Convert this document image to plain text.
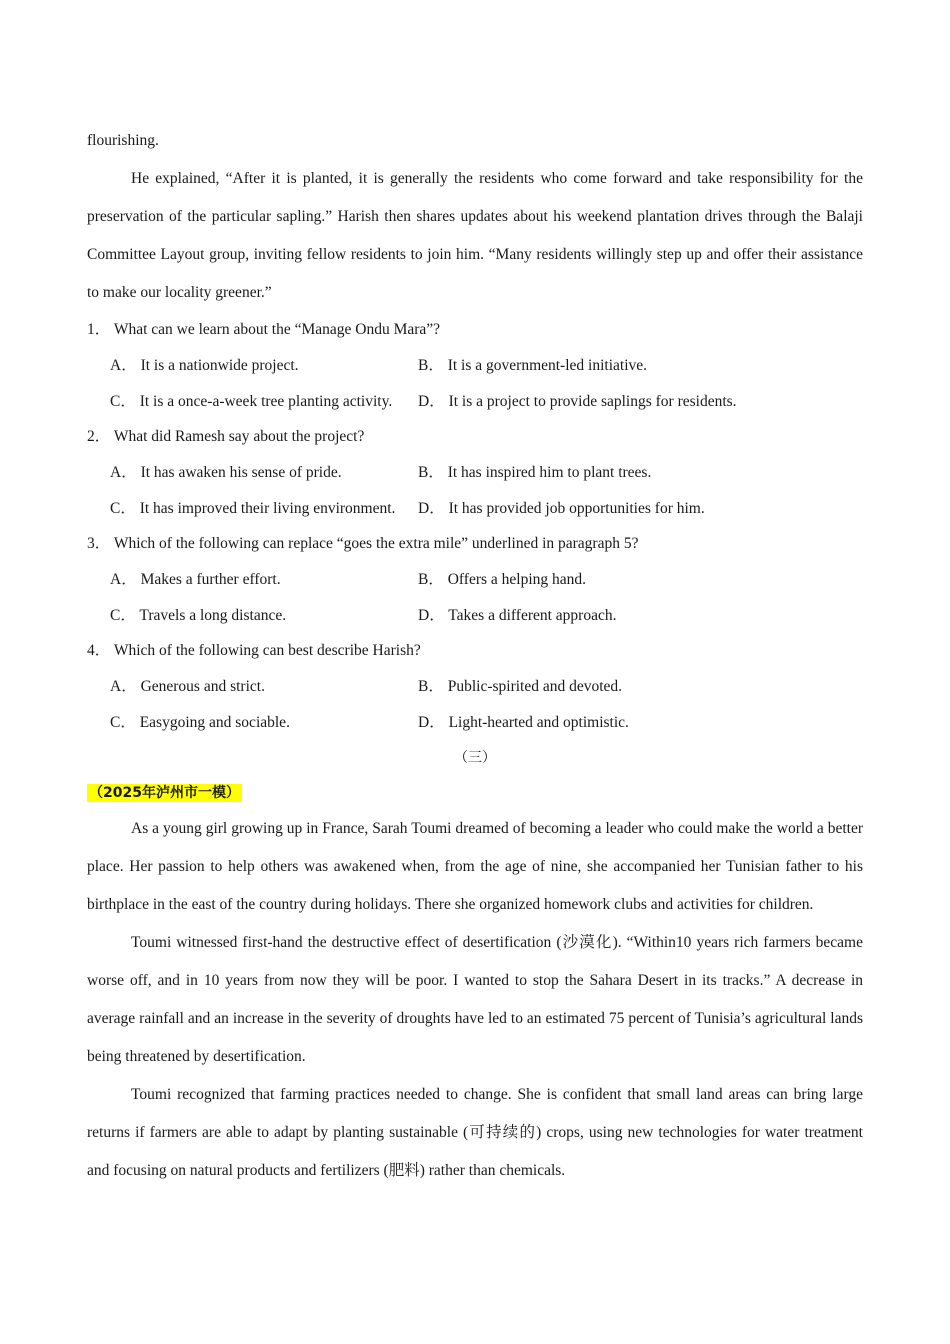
flourishing.

He explained, “After it is planted, it is generally the residents who come forward and take responsibility for the preservation of the particular sapling.” Harish then shares updates about his weekend plantation drives through the Balaji Committee Layout group, inviting fellow residents to join him. “Many residents willingly step up and offer their assistance to make our locality greener.”

1． What can we learn about the “Manage Ondu Mara”?

A． It is a nationwide project.	B． It is a government-led initiative.
C． It is a once-a-week tree planting activity.	D． It is a project to provide saplings for residents.

2． What did Ramesh say about the project?

A． It has awaken his sense of pride.	B． It has inspired him to plant trees.
C． It has improved their living environment.	D． It has provided job opportunities for him.

3． Which of the following can replace “goes the extra mile” underlined in paragraph 5?

A． Makes a further effort.	B． Offers a helping hand.
C． Travels a long distance.	D． Takes a different approach.

4． Which of the following can best describe Harish?

A． Generous and strict.	B． Public-spirited and devoted.
C． Easygoing and sociable.	D． Light-hearted and optimistic.

（三）

（2025年泸州市一模）

As a young girl growing up in France, Sarah Toumi dreamed of becoming a leader who could make the world a better place. Her passion to help others was awakened when, from the age of nine, she accompanied her Tunisian father to his birthplace in the east of the country during holidays. There she organized homework clubs and activities for children.

Toumi witnessed first-hand the destructive effect of desertification (沙漠化). “Within10 years rich farmers became worse off, and in 10 years from now they will be poor. I wanted to stop the Sahara Desert in its tracks.” A decrease in average rainfall and an increase in the severity of droughts have led to an estimated 75 percent of Tunisia’s agricultural lands being threatened by desertification.

Toumi recognized that farming practices needed to change. She is confident that small land areas can bring large returns if farmers are able to adapt by planting sustainable (可持续的) crops, using new technologies for water treatment and focusing on natural products and fertilizers (肥料) rather than chemicals.
